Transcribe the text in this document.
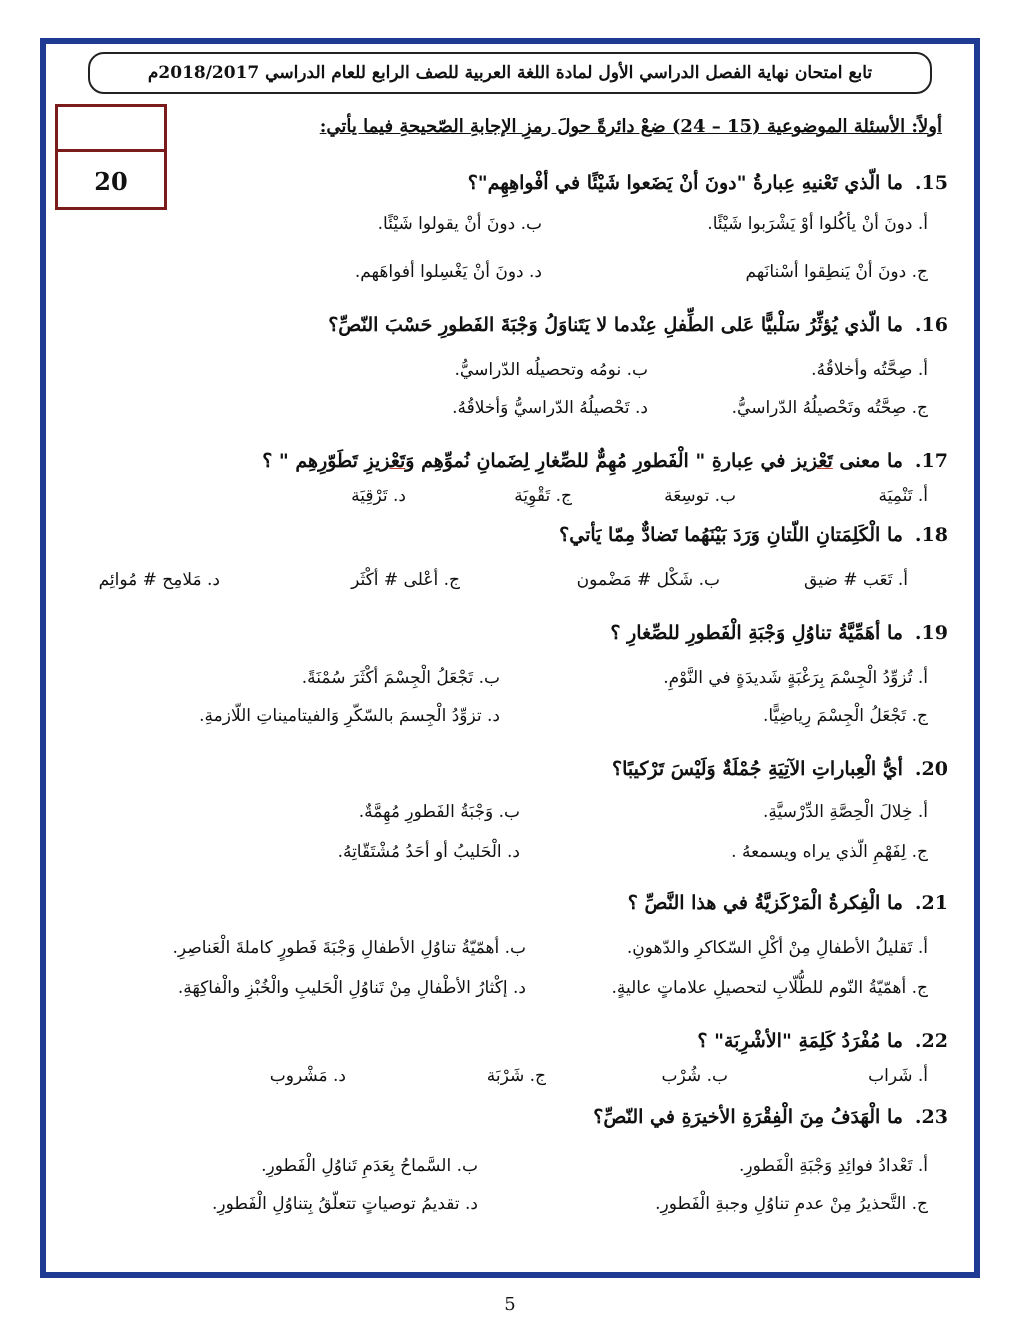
تابع امتحان نهاية الفصل الدراسي الأول لمادة اللغة العربية للصف الرابع للعام الدراسي 2018/2017م
20
أولاً: الأسئلة الموضوعية (15 – 24) ضعْ دائرةً حولَ رمزِ الإجابةِ الصّحيحةِ فيما يأتي:
15.ما الّذي تَعْنيهِ عِبارةُ "دونَ أنْ يَضَعوا شَيْئًا في أفْواهِهِم"؟
أ. دونَ أنْ يأكُلوا أوْ يَشْرَبوا شَيْئًا.
ب. دونَ أنْ يقولوا شَيْئًا.
ج. دونَ أنْ يَنطِقوا أسْنانَهم
د. دونَ أنْ يَغْسِلوا أفواهَهم.
16.ما الّذي يُؤثِّرُ سَلْبيًّا عَلى الطِّفلِ عِنْدما لا يَتَناوَلُ وَجْبَةَ الفَطورِ حَسْبَ النّصِّ؟
أ. صِحَّتُه وأخلاقُهُ.
ب. نومُه وتحصيلُه الدّراسيُّ.
ج. صِحَّتُه وتَحْصيلُهُ الدّراسيُّ.
د. تَحْصيلُهُ الدّراسيُّ وَأخلاقُهُ.
17.ما معنى تَعْزيز في عِبارةِ " الْفَطورِ مُهِمٌّ للصِّغارِ لِضَمانِ نُموِّهِم وَتَعْزيزِ تَطَوّرِهِم " ؟
أ. تَنْمِيَة
ب. توسِعَة
ج. تَقْوِيَة
د. تَرْقِيَة
18.ما الْكَلِمَتانِ اللّتانِ وَرَدَ بَيْنَهُما تَضادٌّ مِمّا يَأتي؟
أ. تَعَب # ضيق
ب. شَكْل # مَضْمون
ج. أعْلى # أكْثَر
د. مَلامِح # مُوائِم
19.ما أهَمِّيَّةُ تناوُلِ وَجْبَةِ الْفَطورِ للصِّغارِ ؟
أ. تُزوِّدُ الْجِسْمَ بِرَغْبَةٍ شَديدَةٍ في النَّوْمِ.
ب. تَجْعَلُ الْجِسْمَ أكْثَرَ سُمْنَةً.
ج. تَجْعَلُ الْجِسْمَ رِياضِيًّا.
د. تزوِّدُ الْجِسمَ بالسّكّرِ وَالفيتاميناتِ اللّازمةِ.
20.أيُّ الْعِباراتِ الآتِيَةِ جُمْلَةٌ وَلَيْسَ تَرْكيبًا؟
أ. خِلالَ الْحِصَّةِ الدِّرْسيَّةِ.
ب. وَجْبَةُ الفَطورِ مُهِمَّةٌ.
ج. لِفَهْمِ الّذي يراه ويسمعهُ .
د. الْحَليبُ أو أحَدُ مُشْتَقّاتِهُ.
21.ما الْفِكرةُ الْمَرْكَزيَّةُ في هذا النَّصِّ ؟
أ. تَقليلُ الأطفالِ مِنْ أكْلِ السّكاكرِ والدّهونِ.
ب. أهمّيّةُ تناوُلِ الأطفالِ وَجْبَةَ فَطورٍ كاملةَ الْعَناصِرِ.
ج. أهمّيّةُ النّوم للطُّلّابِ لتحصيلِ علاماتٍ عاليةٍ.
د. إكْثارُ الأطْفالِ مِنْ تَناوُلِ الْحَليبِ والْخُبْزِ والْفاكِهَةِ.
22.ما مُفْرَدُ كَلِمَةِ "الأشْرِبَة" ؟
أ. شَراب
ب. شُرْب
ج. شَرْبَة
د. مَشْروب
23.ما الْهَدَفُ مِنَ الْفِقْرَةِ الأخيرَةِ في النّصِّ؟
أ. تَعْدادُ فوائِدِ وَجْبَةِ الْفَطورِ.
ب. السَّماحُ بِعَدَمِ تَناوُلِ الْفَطورِ.
ج. التَّحذيرُ مِنْ عدمِ تناوُلِ وجبةِ الْفَطورِ.
د. تقديمُ توصياتٍ تتعلّقُ بِتناوُلِ الْفَطورِ.
5
